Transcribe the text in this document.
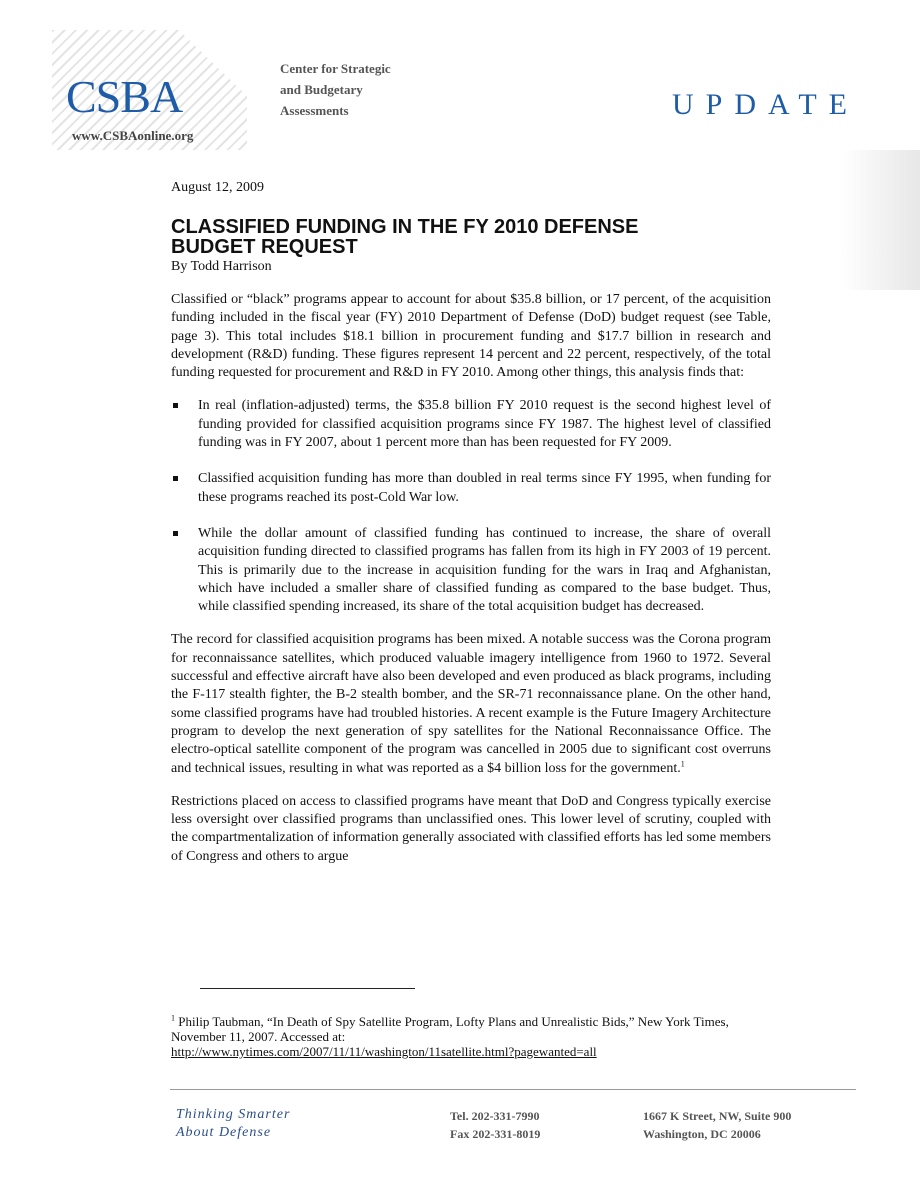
CSBA
www.CSBAonline.org
Center for Strategic
and Budgetary
Assessments	UPDATE
August 12, 2009
CLASSIFIED FUNDING IN THE FY 2010 DEFENSE
BUDGET REQUEST
By Todd Harrison

Classified or “black” programs appear to account for about $35.8 billion, or 17 percent, of the acquisition funding included in the fiscal year (FY) 2010 Department of Defense (DoD) budget request (see Table, page 3). This total includes $18.1 billion in procurement funding and $17.7 billion in research and development (R&D) funding. These figures represent 14 percent and 22 percent, respectively, of the total funding requested for procurement and R&D in FY 2010. Among other things, this analysis finds that:

In real (inflation-adjusted) terms, the $35.8 billion FY 2010 request is the second highest level of funding provided for classified acquisition programs since FY 1987. The highest level of classified funding was in FY 2007, about 1 percent more than has been requested for FY 2009.
Classified acquisition funding has more than doubled in real terms since FY 1995, when funding for these programs reached its post-Cold War low.
While the dollar amount of classified funding has continued to increase, the share of overall acquisition funding directed to classified programs has fallen from its high in FY 2003 of 19 percent. This is primarily due to the increase in acquisition funding for the wars in Iraq and Afghanistan, which have included a smaller share of classified funding as compared to the base budget. Thus, while classified spending increased, its share of the total acquisition budget has decreased.

The record for classified acquisition programs has been mixed. A notable success was the Corona program for reconnaissance satellites, which produced valuable imagery intelligence from 1960 to 1972. Several successful and effective aircraft have also been developed and even produced as black programs, including the F-117 stealth fighter, the B-2 stealth bomber, and the SR-71 reconnaissance plane. On the other hand, some classified programs have had troubled histories. A recent example is the Future Imagery Architecture program to develop the next generation of spy satellites for the National Reconnaissance Office. The electro-optical satellite component of the program was cancelled in 2005 due to significant cost overruns and technical issues, resulting in what was reported as a $4 billion loss for the government.$^1$

Restrictions placed on access to classified programs have meant that DoD and Congress typically exercise less oversight over classified programs than unclassified ones. This lower level of scrutiny, coupled with the compartmentalization of information generally associated with classified efforts has led some members of Congress and others to argue

$^1$ Philip Taubman, “In Death of Spy Satellite Program, Lofty Plans and Unrealistic Bids,” New York Times, November 11, 2007. Accessed at:
http://www.nytimes.com/2007/11/11/washington/11satellite.html?pagewanted=all
Thinking Smarter
About Defense
Tel. 202-331-7990
Fax 202-331-8019
1667 K Street, NW, Suite 900
Washington, DC 20006
